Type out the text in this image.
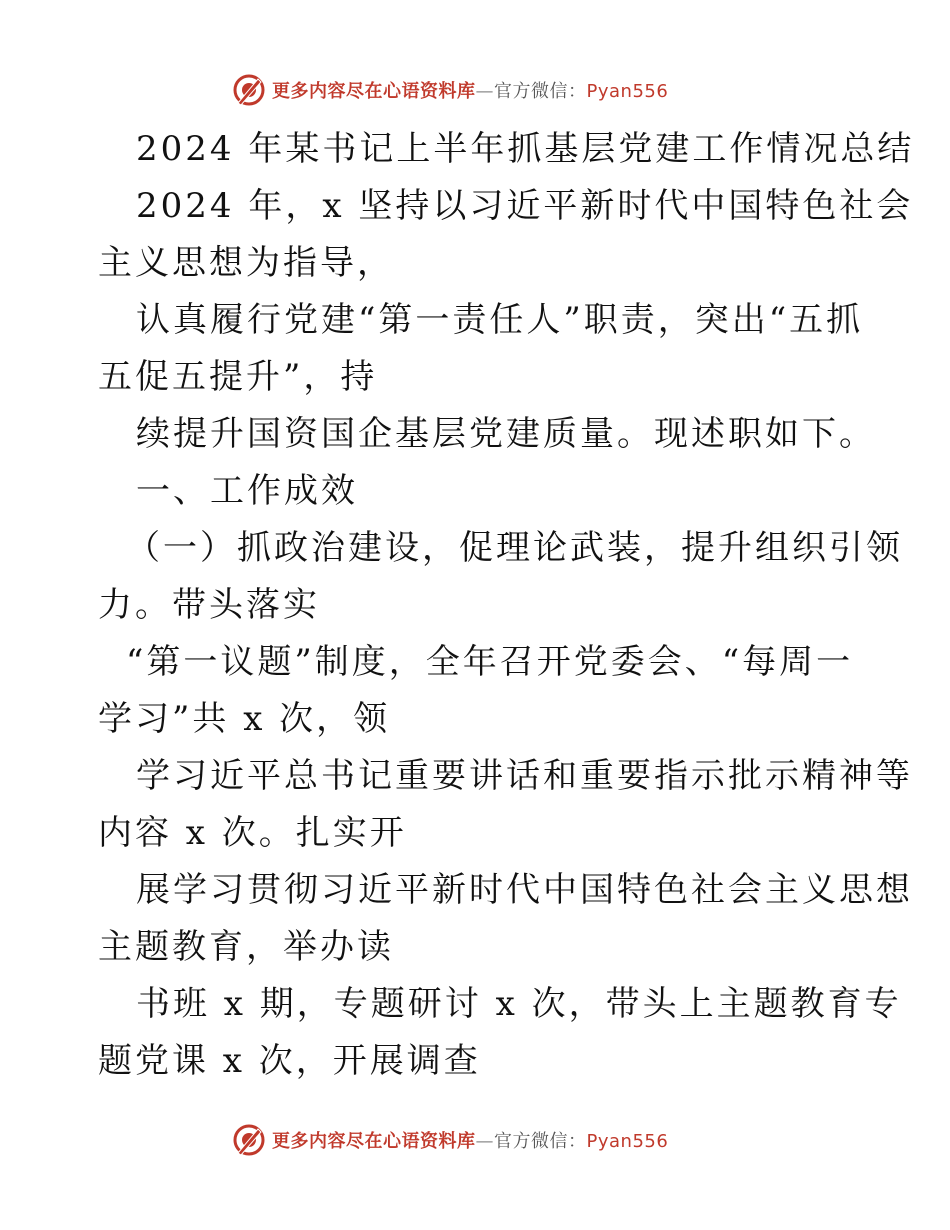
更多内容尽在心语资料库—官方微信：Pyan556
2024 年某书记上半年抓基层党建工作情况总结
2024 年，x 坚持以习近平新时代中国特色社会
主义思想为指导，
认真履行党建“第一责任人”职责，突出“五抓
五促五提升”，持
续提升国资国企基层党建质量。现述职如下。
一、工作成效
（一）抓政治建设，促理论武装，提升组织引领
力。带头落实
“第一议题”制度，全年召开党委会、“每周一
学习”共 x 次，领
学习近平总书记重要讲话和重要指示批示精神等
内容 x 次。扎实开
展学习贯彻习近平新时代中国特色社会主义思想
主题教育，举办读
书班 x 期，专题研讨 x 次，带头上主题教育专
题党课 x 次，开展调查
更多内容尽在心语资料库—官方微信：Pyan556
